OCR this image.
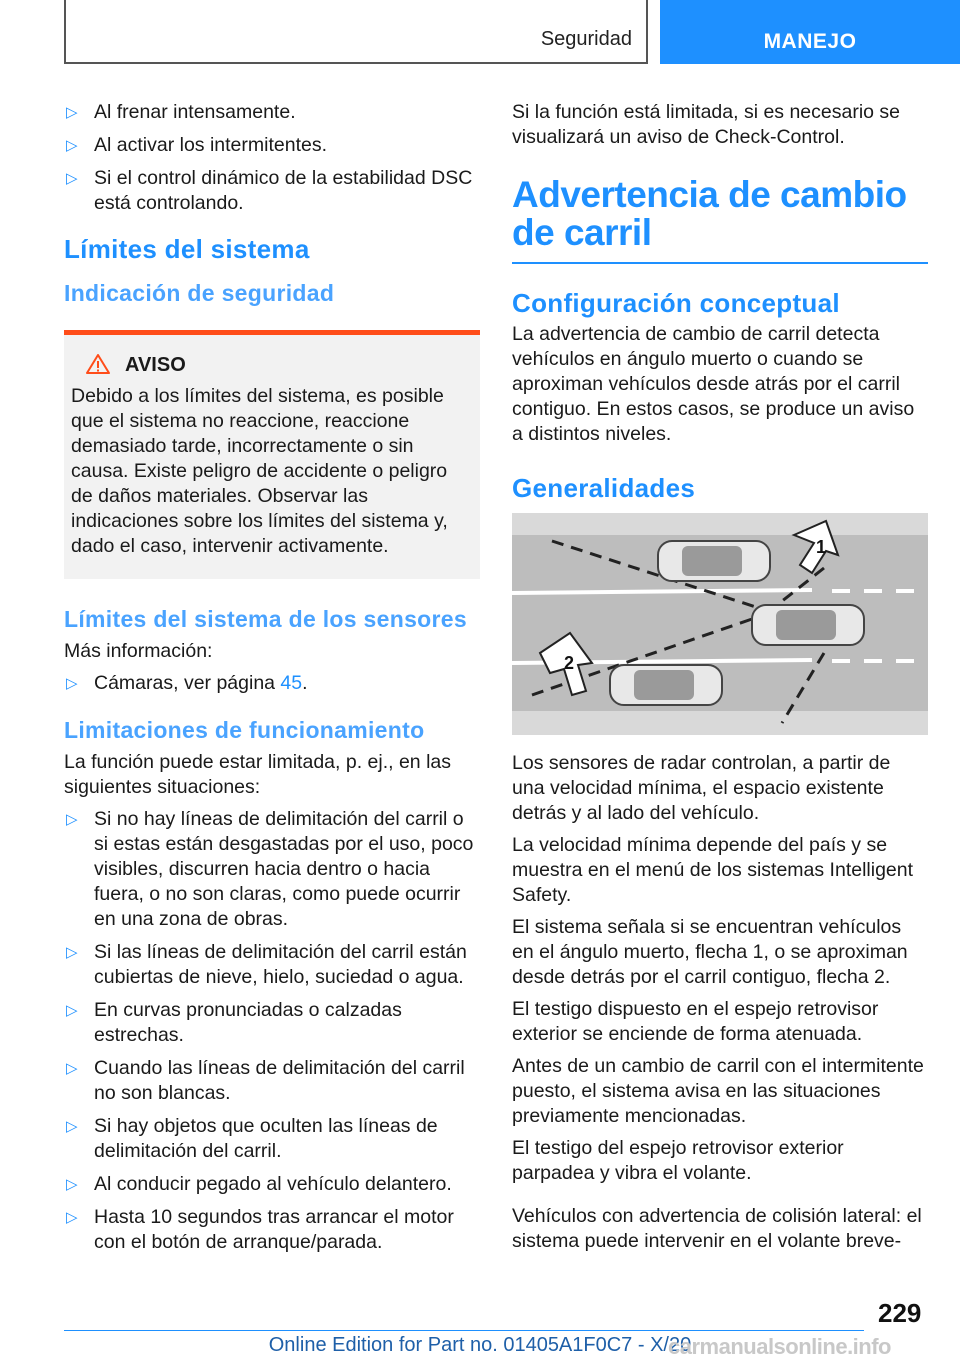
Seguridad	MANEJO
▷ Al frenar intensamente.
▷ Al activar los intermitentes.
▷ Si el control dinámico de la estabilidad DSC está controlando.
Límites del sistema
Indicación de seguridad
AVISO
Debido a los límites del sistema, es posible que el sistema no reaccione, reaccione demasiado tarde, incorrectamente o sin causa. Existe peligro de accidente o peligro de daños materiales. Observar las indicaciones sobre los límites del sistema y, dado el caso, intervenir activamente.
Límites del sistema de los sensores

Más información:

▷ Cámaras, ver página 45.
Limitaciones de funcionamiento

La función puede estar limitada, p. ej., en las siguientes situaciones:

▷ Si no hay líneas de delimitación del carril o si estas están desgastadas por el uso, poco visibles, discurren hacia dentro o hacia fuera, o no son claras, como puede ocurrir en una zona de obras.
▷ Si las líneas de delimitación del carril están cubiertas de nieve, hielo, suciedad o agua.
▷ En curvas pronunciadas o calzadas estrechas.
▷ Cuando las líneas de delimitación del carril no son blancas.
▷ Si hay objetos que oculten las líneas de delimitación del carril.
▷ Al conducir pegado al vehículo delantero.
▷ Hasta 10 segundos tras arrancar el motor con el botón de arranque/parada.

Si la función está limitada, si es necesario se visualizará un aviso de Check-Control.

Advertencia de cambio de carril
Configuración conceptual

La advertencia de cambio de carril detecta vehículos en ángulo muerto o cuando se aproximan vehículos desde atrás por el carril contiguo. En estos casos, se produce un aviso a distintos niveles.

Generalidades
1
2

Los sensores de radar controlan, a partir de una velocidad mínima, el espacio existente detrás y al lado del vehículo.

La velocidad mínima depende del país y se muestra en el menú de los sistemas Intelligent Safety.

El sistema señala si se encuentran vehículos en el ángulo muerto, flecha 1, o se aproximan desde detrás por el carril contiguo, flecha 2.

El testigo dispuesto en el espejo retrovisor exterior se enciende de forma atenuada.

Antes de un cambio de carril con el intermitente puesto, el sistema avisa en las situaciones previamente mencionadas.

El testigo del espejo retrovisor exterior parpadea y vibra el volante.

Vehículos con advertencia de colisión lateral: el sistema puede intervenir en el volante breve-

229
Online Edition for Part no. 01405A1F0C7 - X/20
carmanualsonline.info
